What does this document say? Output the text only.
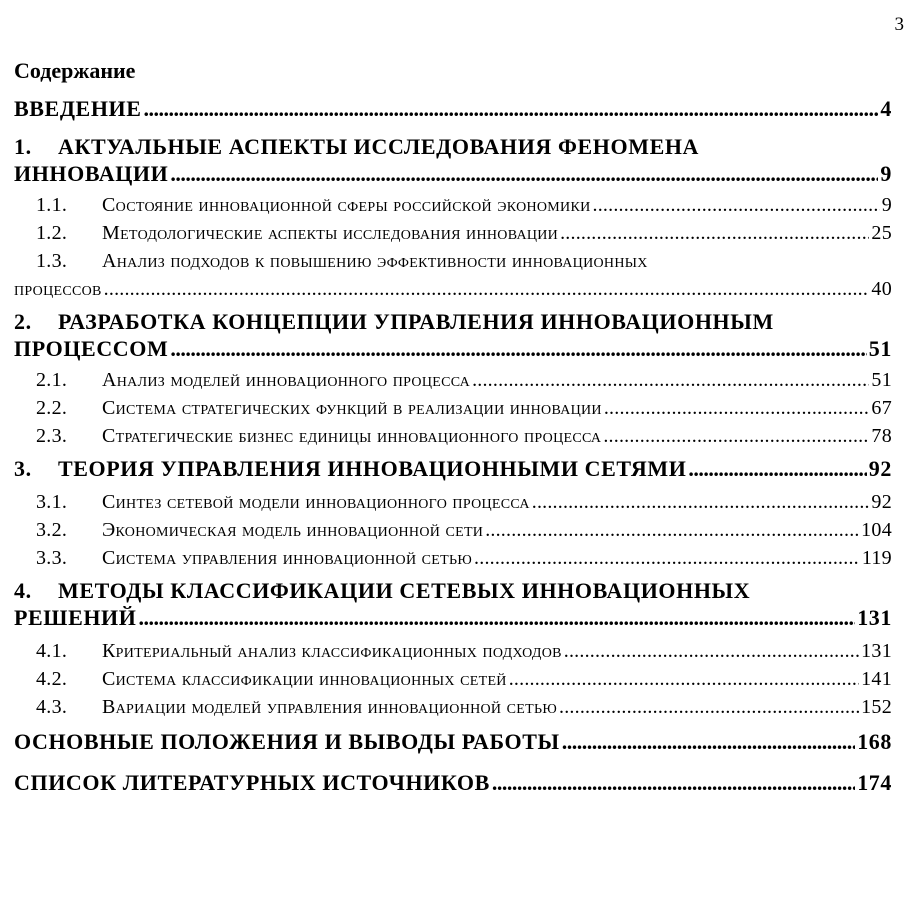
3
Содержание
ВВЕДЕНИЕ . . .	4
1. АКТУАЛЬНЫЕ АСПЕКТЫ ИССЛЕДОВАНИЯ ФЕНОМЕНА
ИННОВАЦИИ . . .	9
1.1.	Состояние инновационной сферы российской экономики . . .	9
1.2.	Методологические аспекты исследования инновации . . .	25
1.3. Анализ подходов к повышению эффективности инновационных
процессов . . .	40
2. РАЗРАБОТКА КОНЦЕПЦИИ УПРАВЛЕНИЯ ИННОВАЦИОННЫМ
ПРОЦЕССОМ . . .	51
2.1.	Анализ моделей инновационного процесса . . .	51
2.2.	Система стратегических функций в реализации инновации . . .	67
2.3.	Стратегические бизнес единицы инновационного процесса . . .	78
3.	ТЕОРИЯ УПРАВЛЕНИЯ ИННОВАЦИОННЫМИ СЕТЯМИ . . .	92
3.1.	Синтез сетевой модели инновационного процесса . . .	92
3.2.	Экономическая модель инновационной сети . . .	104
3.3.	Система управления инновационной сетью . . .	119
4. МЕТОДЫ КЛАССИФИКАЦИИ СЕТЕВЫХ ИННОВАЦИОННЫХ
РЕШЕНИЙ . . .	131
4.1.	Критериальный анализ классификационных подходов . . .	131
4.2.	Система классификации инновационных сетей . . .	141
4.3.	Вариации моделей управления инновационной сетью . . .	152
ОСНОВНЫЕ ПОЛОЖЕНИЯ И ВЫВОДЫ РАБОТЫ . . .	168
СПИСОК ЛИТЕРАТУРНЫХ ИСТОЧНИКОВ . . .	174
